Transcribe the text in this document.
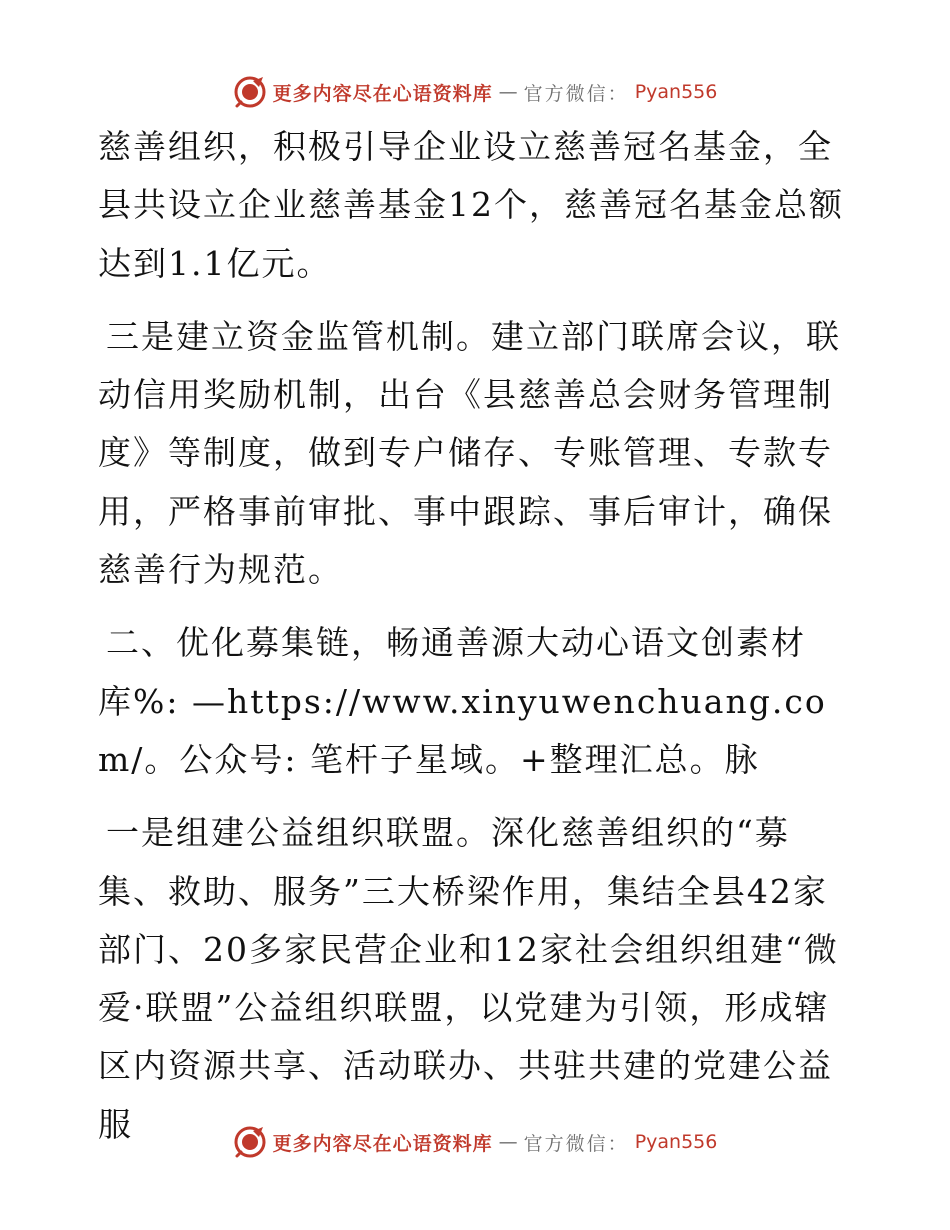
更多内容尽在心语资料库 — 官方微信： Pyan556

慈善组织，积极引导企业设立慈善冠名基金，全县共设立企业慈善基金12个，慈善冠名基金总额达到1.1亿元。

三是建立资金监管机制。建立部门联席会议，联动信用奖励机制，出台《县慈善总会财务管理制度》等制度，做到专户储存、专账管理、专款专用，严格事前审批、事中跟踪、事后审计，确保慈善行为规范。

二、优化募集链，畅通善源大动心语文创素材库%: —https://www.xinyuwenchuang.com/。公众号: 笔杆子星域。+整理汇总。脉

一是组建公益组织联盟。深化慈善组织的“募集、救助、服务”三大桥梁作用，集结全县42家部门、20多家民营企业和12家社会组织组建“微爱·联盟”公益组织联盟，以党建为引领，形成辖区内资源共享、活动联办、共驻共建的党建公益服	更多内容尽在心语资料库 — 官方微信： Pyan556
